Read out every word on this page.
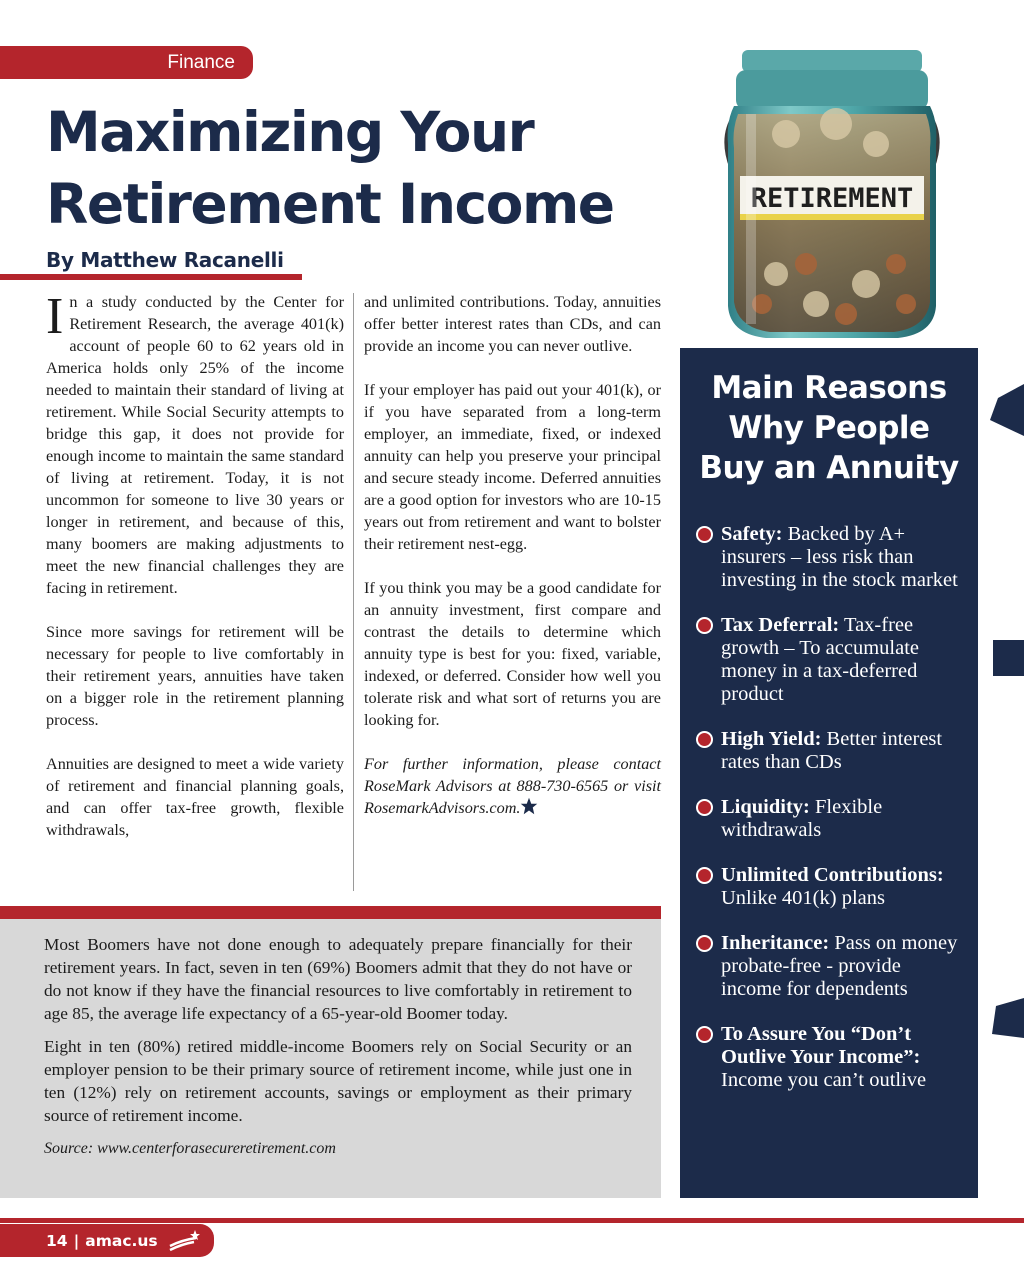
Finance
Maximizing Your
Retirement Income
By Matthew Racanelli

In a study conducted by the Center for Retirement Research, the average 401(k) account of people 60 to 62 years old in America holds only 25% of the income needed to maintain their standard of living at retirement. While Social Security attempts to bridge this gap, it does not provide for enough income to maintain the same standard of living at retirement. Today, it is not uncommon for someone to live 30 years or longer in retirement, and because of this, many boomers are making adjustments to meet the new financial challenges they are facing in retirement.

Since more savings for retirement will be necessary for people to live comfortably in their retirement years, annuities have taken on a bigger role in the retirement planning process.

Annuities are designed to meet a wide variety of retirement and financial planning goals, and can offer tax-free growth, flexible withdrawals,

and unlimited contributions. Today, annuities offer better interest rates than CDs, and can provide an income you can never outlive.

If your employer has paid out your 401(k), or if you have separated from a long-term employer, an immediate, fixed, or indexed annuity can help you preserve your principal and secure steady income. Deferred annuities are a good option for investors who are 10-15 years out from retirement and want to bolster their retirement nest-egg.

If you think you may be a good candidate for an annuity investment, first compare and contrast the details to determine which annuity type is best for you: fixed, variable, indexed, or deferred. Consider how well you tolerate risk and what sort of returns you are looking for.

For further information, please contact RoseMark Advisors at 888-730-6565 or visit RosemarkAdvisors.com.

Most Boomers have not done enough to adequately prepare financially for their retirement years. In fact, seven in ten (69%) Boomers admit that they do not have or do not know if they have the financial resources to live comfortably in retirement to age 85, the average life expectancy of a 65-year-old Boomer today.

Eight in ten (80%) retired middle-income Boomers rely on Social Security or an employer pension to be their primary source of retirement income, while just one in ten (12%) rely on retirement accounts, savings or employment as their primary source of retirement income.

Source: www.centerforasecureretirement.com

RETIREMENT
Main Reasons
Why People
Buy an Annuity
Safety: Backed by A+ insurers – less risk than investing in the stock market
Tax Deferral: Tax-free growth – To accumulate money in a tax-deferred product
High Yield: Better interest rates than CDs
Liquidity: Flexible withdrawals
Unlimited Contributions: Unlike 401(k) plans
Inheritance: Pass on money probate-free - provide income for dependents
To Assure You “Don’t Outlive Your Income”: Income you can’t outlive
14 | amac.us
